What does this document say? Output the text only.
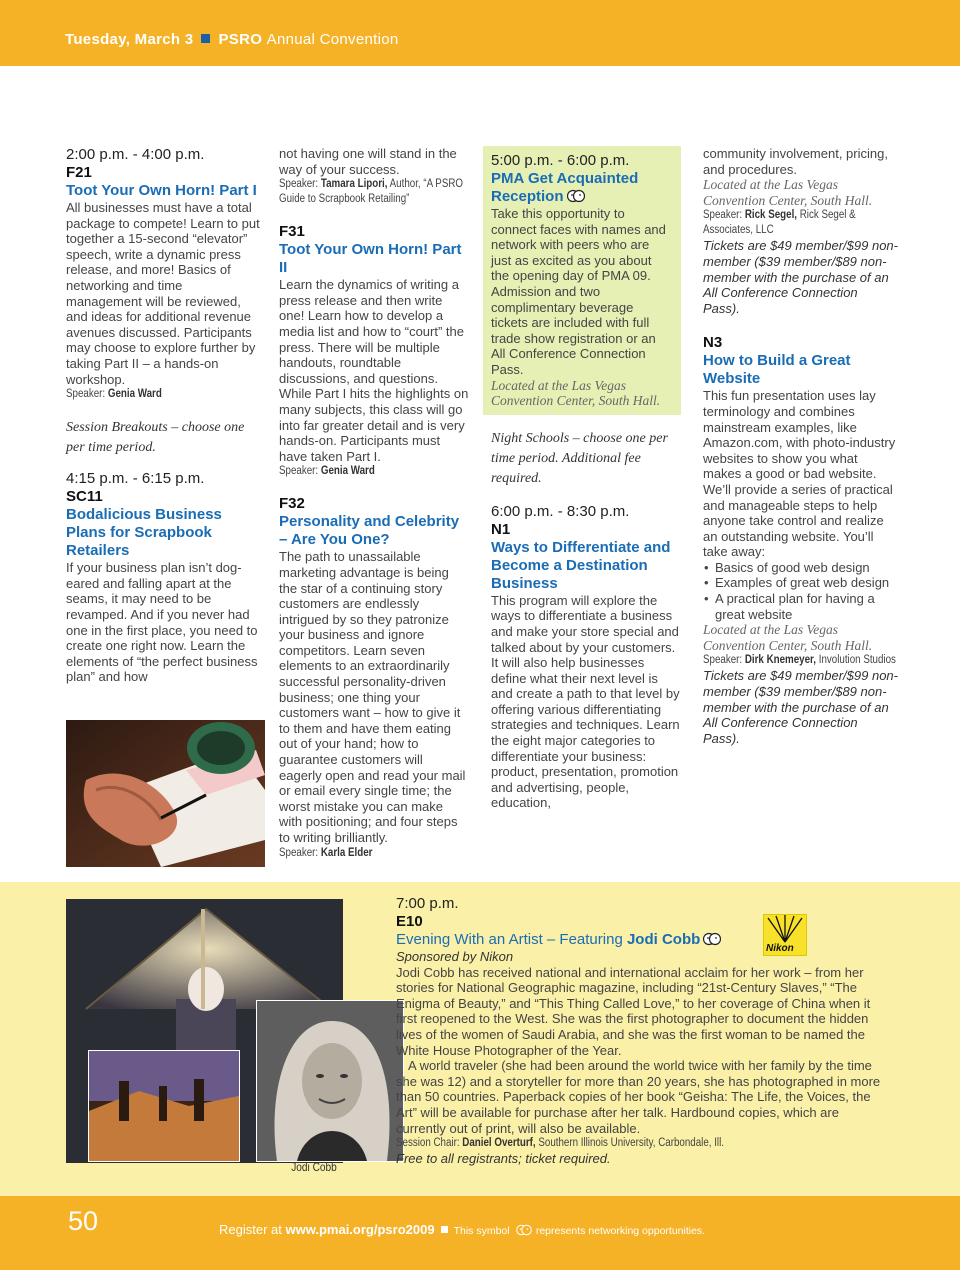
Tuesday, March 3 PSRO Annual Convention

2:00 p.m. - 4:00 p.m.

F21

Toot Your Own Horn! Part I

All businesses must have a total package to compete! Learn to put together a 15-second “elevator” speech, write a dynamic press release, and more! Basics of networking and time management will be reviewed, and ideas for additional revenue avenues discussed. Participants may choose to explore further by taking Part II – a hands-on workshop.

Speaker: Genia Ward

Session Breakouts – choose one per time period.

4:15 p.m. - 6:15 p.m.

SC11

Bodalicious Business Plans for Scrapbook Retailers

If your business plan isn’t dog-eared and falling apart at the seams, it may need to be revamped. And if you never had one in the first place, you need to create one right now. Learn the elements of “the perfect business plan” and how

not having one will stand in the way of your success.

Speaker: Tamara Lipori, Author, “A PSRO Guide to Scrapbook Retailing”

F31

Toot Your Own Horn! Part II

Learn the dynamics of writing a press release and then write one! Learn how to develop a media list and how to “court” the press. There will be multiple handouts, roundtable discussions, and questions. While Part I hits the highlights on many subjects, this class will go into far greater detail and is very hands-on. Participants must have taken Part I.

Speaker: Genia Ward

F32

Personality and Celebrity – Are You One?

The path to unassailable marketing advantage is being the star of a continuing story customers are endlessly intrigued by so they patronize your business and ignore competitors. Learn seven elements to an extraordinarily successful personality-driven business; one thing your customers want – how to give it to them and have them eating out of your hand; how to guarantee customers will eagerly open and read your mail or email every single time; the worst mistake you can make with positioning; and four steps to writing brilliantly.

Speaker: Karla Elder

5:00 p.m. - 6:00 p.m.

PMA Get Acquainted Reception

Take this opportunity to connect faces with names and network with peers who are just as excited as you about the opening day of PMA 09. Admission and two complimentary beverage tickets are included with full trade show registration or an All Conference Connection Pass.

Located at the Las Vegas Convention Center, South Hall.

Night Schools – choose one per time period. Additional fee required.

6:00 p.m. - 8:30 p.m.

N1

Ways to Differentiate and Become a Destination Business

This program will explore the ways to differentiate a business and make your store special and talked about by your customers. It will also help businesses define what their next level is and create a path to that level by offering various differentiating strategies and techniques. Learn the eight major categories to differentiate your business: product, presentation, promotion and advertising, people, education,

community involvement, pricing, and procedures.

Located at the Las Vegas Convention Center, South Hall.

Speaker: Rick Segel, Rick Segel & Associates, LLC

Tickets are $49 member/$99 non-member ($39 member/$89 non-member with the purchase of an All Conference Connection Pass).

N3

How to Build a Great Website

This fun presentation uses lay terminology and combines mainstream examples, like Amazon.com, with photo-industry websites to show you what makes a good or bad website. We’ll provide a series of practical and manageable steps to help anyone take control and realize an outstanding website. You’ll take away:

• Basics of good web design
• Examples of great web design
• A practical plan for having a great website

Located at the Las Vegas Convention Center, South Hall.

Speaker: Dirk Knemeyer, Involution Studios

Tickets are $49 member/$99 non-member ($39 member/$89 non-member with the purchase of an All Conference Connection Pass).

Jodi Cobb
Nikon

7:00 p.m.

E10

Evening With an Artist – Featuring Jodi Cobb

Sponsored by Nikon

Jodi Cobb has received national and international acclaim for her work – from her stories for National Geographic magazine, including “21st-Century Slaves,” “The Enigma of Beauty,” and “This Thing Called Love,” to her coverage of China when it first reopened to the West. She was the first photographer to document the hidden lives of the women of Saudi Arabia, and she was the first woman to be named the White House Photographer of the Year.

A world traveler (she had been around the world twice with her family by the time she was 12) and a storyteller for more than 20 years, she has photographed in more than 50 countries. Paperback copies of her book “Geisha: The Life, the Voices, the Art” will be available for purchase after her talk. Hardbound copies, which are currently out of print, will also be available.

Session Chair: Daniel Overturf, Southern Illinois University, Carbondale, Ill.

Free to all registrants; ticket required.

50	Register at www.pmai.org/psro2009 This symbol	represents networking opportunities.
